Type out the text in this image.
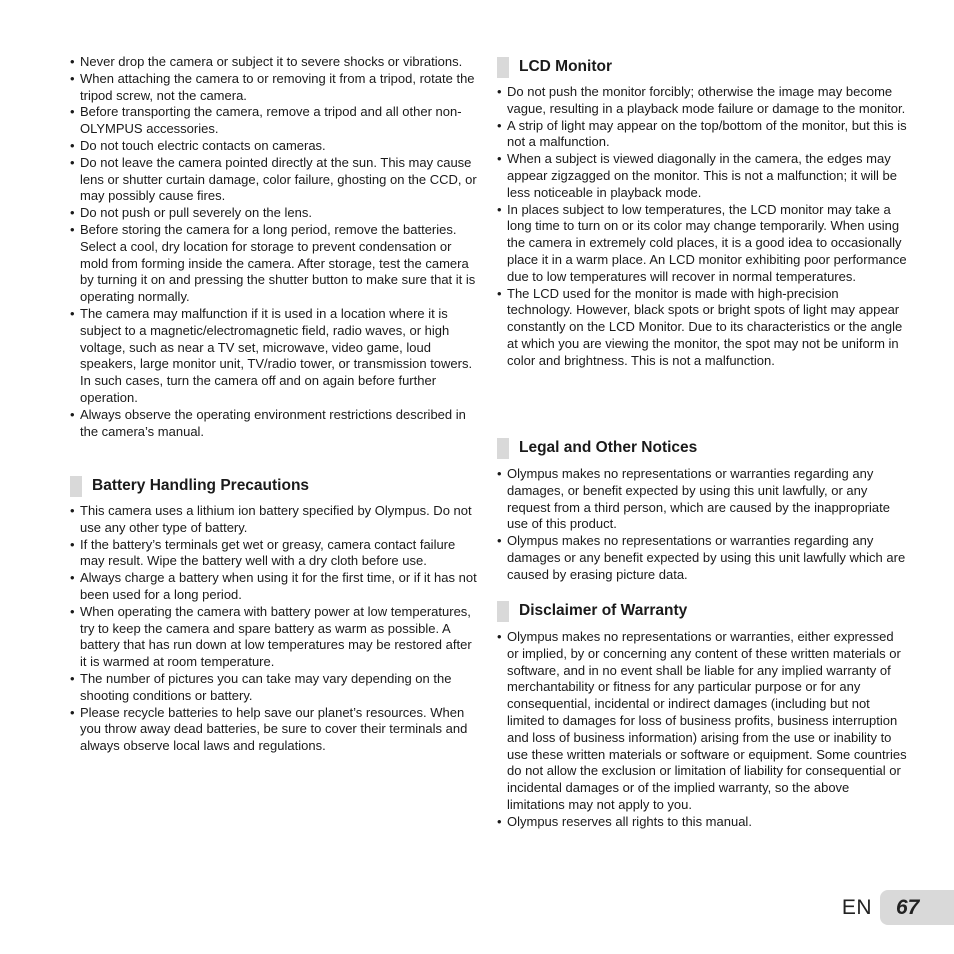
• Never drop the camera or subject it to severe shocks or vibrations.
• When attaching the camera to or removing it from a tripod, rotate the tripod screw, not the camera.
• Before transporting the camera, remove a tripod and all other non-OLYMPUS accessories.
• Do not touch electric contacts on cameras.
• Do not leave the camera pointed directly at the sun. This may cause lens or shutter curtain damage, color failure, ghosting on the CCD, or may possibly cause fires.
• Do not push or pull severely on the lens.
• Before storing the camera for a long period, remove the batteries. Select a cool, dry location for storage to prevent condensation or mold from forming inside the camera. After storage, test the camera by turning it on and pressing the shutter button to make sure that it is operating normally.
• The camera may malfunction if it is used in a location where it is subject to a magnetic/electromagnetic field, radio waves, or high voltage, such as near a TV set, microwave, video game, loud speakers, large monitor unit, TV/radio tower, or transmission towers. In such cases, turn the camera off and on again before further operation.
• Always observe the operating environment restrictions described in the camera’s manual.
Battery Handling Precautions
• This camera uses a lithium ion battery specified by Olympus. Do not use any other type of battery.
• If the battery’s terminals get wet or greasy, camera contact failure may result. Wipe the battery well with a dry cloth before use.
• Always charge a battery when using it for the first time, or if it has not been used for a long period.
• When operating the camera with battery power at low temperatures, try to keep the camera and spare battery as warm as possible. A battery that has run down at low temperatures may be restored after it is warmed at room temperature.
• The number of pictures you can take may vary depending on the shooting conditions or battery.
• Please recycle batteries to help save our planet’s resources. When you throw away dead batteries, be sure to cover their terminals and always observe local laws and regulations.
LCD Monitor
• Do not push the monitor forcibly; otherwise the image may become vague, resulting in a playback mode failure or damage to the monitor.
• A strip of light may appear on the top/bottom of the monitor, but this is not a malfunction.
• When a subject is viewed diagonally in the camera, the edges may appear zigzagged on the monitor. This is not a malfunction; it will be less noticeable in playback mode.
• In places subject to low temperatures, the LCD monitor may take a long time to turn on or its color may change temporarily. When using the camera in extremely cold places, it is a good idea to occasionally place it in a warm place. An LCD monitor exhibiting poor performance due to low temperatures will recover in normal temperatures.
• The LCD used for the monitor is made with high-precision technology. However, black spots or bright spots of light may appear constantly on the LCD Monitor. Due to its characteristics or the angle at which you are viewing the monitor, the spot may not be uniform in color and brightness. This is not a malfunction.
Legal and Other Notices
• Olympus makes no representations or warranties regarding any damages, or benefit expected by using this unit lawfully, or any request from a third person, which are caused by the inappropriate use of this product.
• Olympus makes no representations or warranties regarding any damages or any benefit expected by using this unit lawfully which are caused by erasing picture data.
Disclaimer of Warranty
• Olympus makes no representations or warranties, either expressed or implied, by or concerning any content of these written materials or software, and in no event shall be liable for any implied warranty of merchantability or fitness for any particular purpose or for any consequential, incidental or indirect damages (including but not limited to damages for loss of business profits, business interruption and loss of business information) arising from the use or inability to use these written materials or software or equipment. Some countries do not allow the exclusion or limitation of liability for consequential or incidental damages or of the implied warranty, so the above limitations may not apply to you.
• Olympus reserves all rights to this manual.
EN 67
